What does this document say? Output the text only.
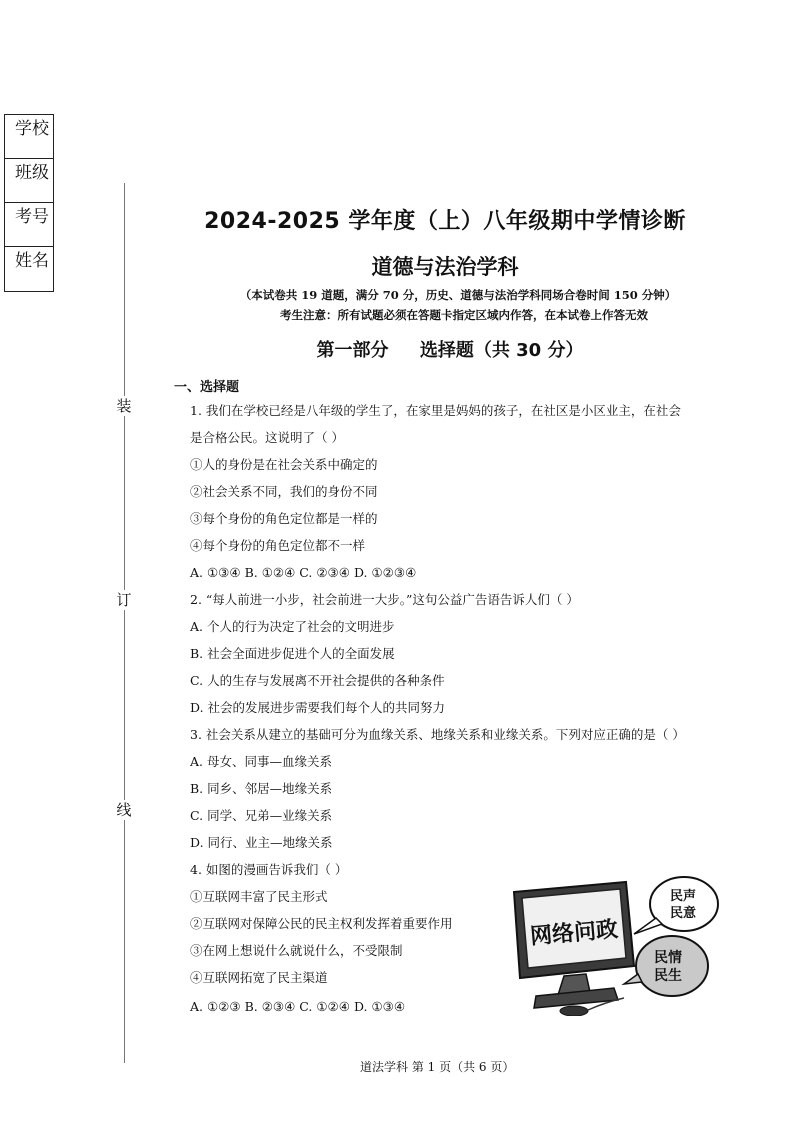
学校
班级
考号
姓名
装
订
线
2024-2025 学年度（上）八年级期中学情诊断
道德与法治学科
（本试卷共 19 道题，满分 70 分，历史、道德与法治学科同场合卷时间 150 分钟）
考生注意：所有试题必须在答题卡指定区域内作答，在本试卷上作答无效
第一部分     选择题（共 30 分）
一、选择题
1. 我们在学校已经是八年级的学生了，在家里是妈妈的孩子，在社区是小区业主，在社会
是合格公民。这说明了（ ）
①人的身份是在社会关系中确定的
②社会关系不同，我们的身份不同
③每个身份的角色定位都是一样的
④每个身份的角色定位都不一样
A. ①③④ B. ①②④ C. ②③④ D. ①②③④
2. “每人前进一小步，社会前进一大步。”这句公益广告语告诉人们（ ）
A. 个人的行为决定了社会的文明进步
B. 社会全面进步促进个人的全面发展
C. 人的生存与发展离不开社会提供的各种条件
D. 社会的发展进步需要我们每个人的共同努力
3. 社会关系从建立的基础可分为血缘关系、地缘关系和业缘关系。下列对应正确的是（ ）
A. 母女、同事—血缘关系
B. 同乡、邻居—地缘关系
C. 同学、兄弟—业缘关系
D. 同行、业主—地缘关系
4. 如图的漫画告诉我们（ ）
①互联网丰富了民主形式
②互联网对保障公民的民主权利发挥着重要作用
③在网上想说什么就说什么，不受限制
④互联网拓宽了民主渠道
A. ①②③ B. ②③④ C. ①②④ D. ①③④
网络问政
民声
民意
民情
民生
道法学科 第 1 页（共 6 页）
